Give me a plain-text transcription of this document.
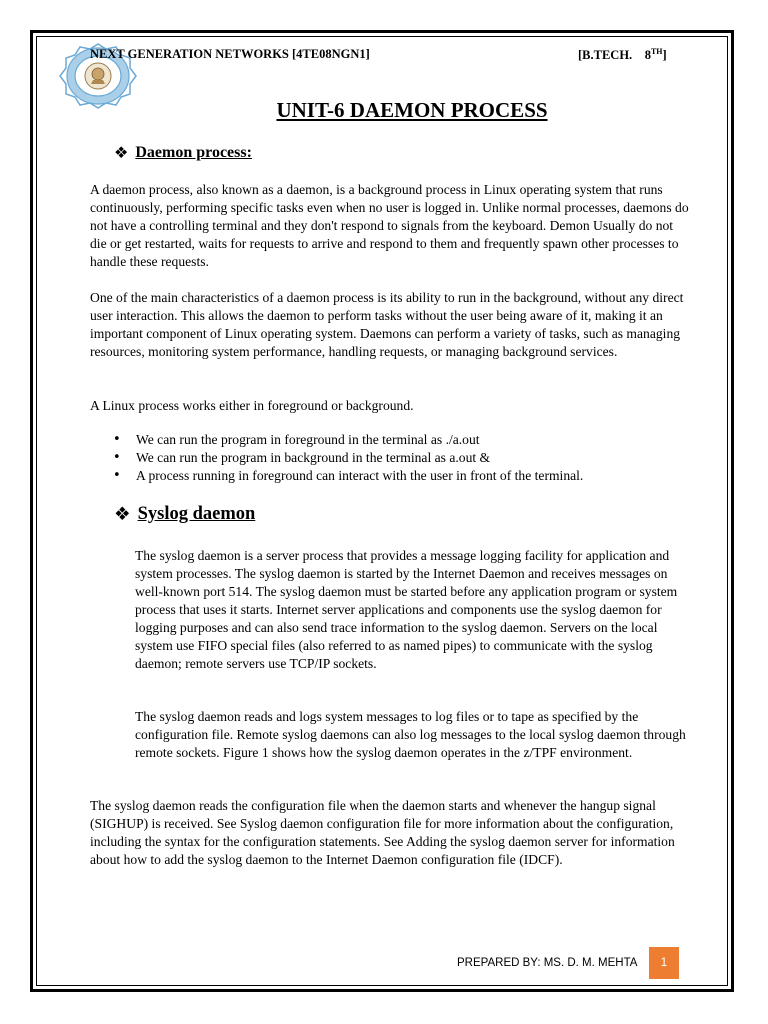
NEXT GENERATION NETWORKS [4TE08NGN1]	[B.TECH. 8TH]
UNIT-6 DAEMON PROCESS
❖ Daemon process:

A daemon process, also known as a daemon, is a background process in Linux operating system that runs continuously, performing specific tasks even when no user is logged in. Unlike normal processes, daemons do not have a controlling terminal and they don't respond to signals from the keyboard. Demon Usually do not die or get restarted, waits for requests to arrive and respond to them and frequently spawn other processes to handle these requests.

One of the main characteristics of a daemon process is its ability to run in the background, without any direct user interaction. This allows the daemon to perform tasks without the user being aware of it, making it an important component of Linux operating system. Daemons can perform a variety of tasks, such as managing resources, monitoring system performance, handling requests, or managing background services.

A Linux process works either in foreground or background.

• We can run the program in foreground in the terminal as ./a.out
• We can run the program in background in the terminal as a.out &
• A process running in foreground can interact with the user in front of the terminal.
❖ Syslog daemon

The syslog daemon is a server process that provides a message logging facility for application and system processes. The syslog daemon is started by the Internet Daemon and receives messages on well-known port 514. The syslog daemon must be started before any application program or system process that uses it starts. Internet server applications and components use the syslog daemon for logging purposes and can also send trace information to the syslog daemon. Servers on the local system use FIFO special files (also referred to as named pipes) to communicate with the syslog daemon; remote servers use TCP/IP sockets.

The syslog daemon reads and logs system messages to log files or to tape as specified by the configuration file. Remote syslog daemons can also log messages to the local syslog daemon through remote sockets. Figure 1 shows how the syslog daemon operates in the z/TPF environment.

The syslog daemon reads the configuration file when the daemon starts and whenever the hangup signal (SIGHUP) is received. See Syslog daemon configuration file for more information about the configuration, including the syntax for the configuration statements. See Adding the syslog daemon server for information about how to add the syslog daemon to the Internet Daemon configuration file (IDCF).

PREPARED BY: MS. D. M. MEHTA	1
